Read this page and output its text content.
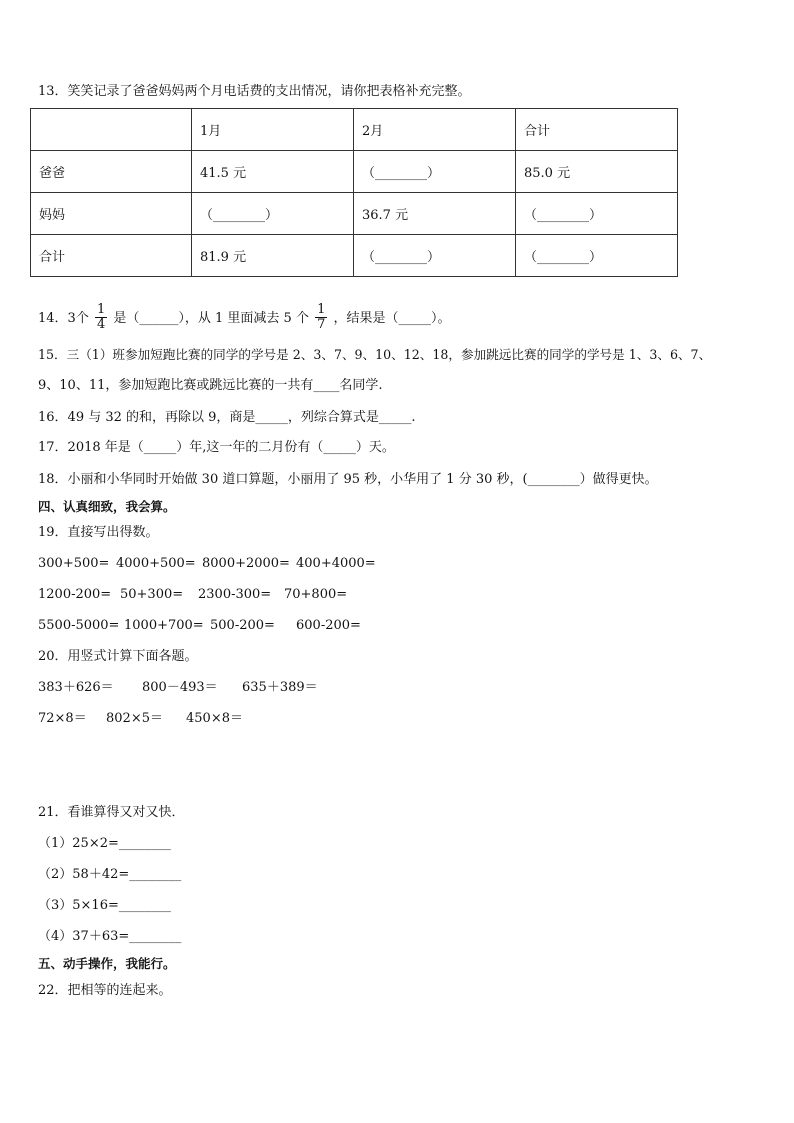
13．笑笑记录了爸爸妈妈两个月电话费的支出情况，请你把表格补充完整。
	1月	2月	合计
爸爸	41.5 元	（________）	85.0 元
妈妈	（________）	36.7 元	（________）
合计	81.9 元	（________）	（________）
14．3个 $\frac{1}{4}$ 是（______），从 1 里面减去 5 个 $\frac{1}{7}$ ，结果是（_____）。
15．三（1）班参加短跑比赛的同学的学号是 2、3、7、9、10、12、18，参加跳远比赛的同学的学号是 1、3、6、7、
9、10、11，参加短跑比赛或跳远比赛的一共有____名同学.
16．49 与 32 的和，再除以 9，商是_____，列综合算式是_____.
17．2018 年是（_____）年,这一年的二月份有（_____）天。
18．小丽和小华同时开始做 30 道口算题，小丽用了 95 秒，小华用了 1 分 30 秒，(________）做得更快。
四、认真细致，我会算。
19．直接写出得数。
300+500= 4000+500= 8000+2000= 400+4000=
1200-200= 50+300= 2300-300= 70+800=
5500-5000= 1000+700= 500-200= 600-200=
20．用竖式计算下面各题。
383＋626＝ 800－493＝ 635＋389＝
72×8＝ 802×5＝ 450×8＝
21．看谁算得又对又快．
（1）25×2=________
（2）58＋42=________
（3）5×16=________
（4）37＋63=________
五、动手操作，我能行。
22．把相等的连起来。
